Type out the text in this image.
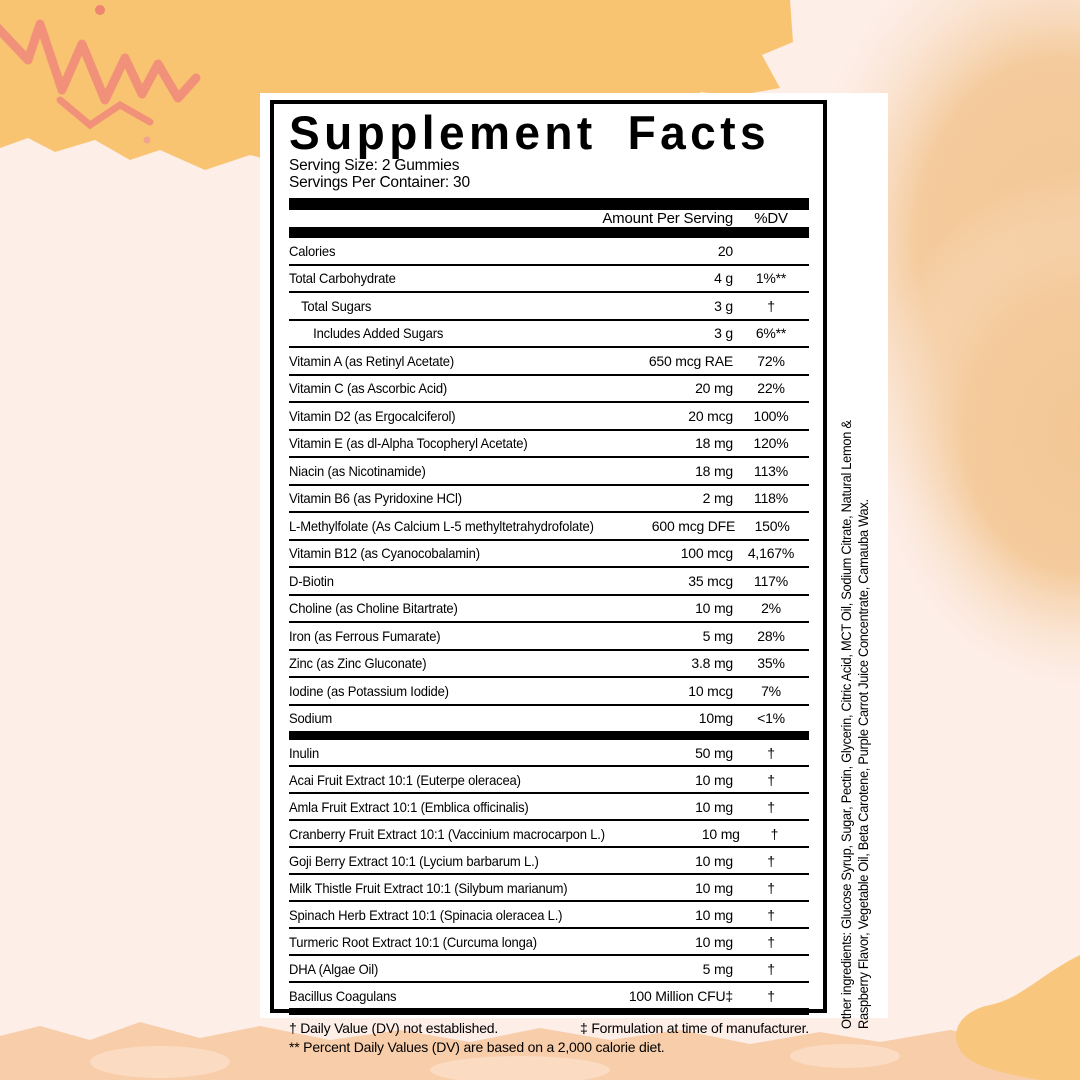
Supplement Facts
Serving Size: 2 Gummies
Servings Per Container: 30
Amount Per Serving	%DV
Calories	20
Total Carbohydrate	4 g	1%**
Total Sugars	3 g	†
Includes Added Sugars	3 g	6%**
Vitamin A (as Retinyl Acetate)	650 mcg RAE	72%
Vitamin C (as Ascorbic Acid)	20 mg	22%
Vitamin D2 (as Ergocalciferol)	20 mcg	100%
Vitamin E (as dl-Alpha Tocopheryl Acetate)	18 mg	120%
Niacin (as Nicotinamide)	18 mg	113%
Vitamin B6 (as Pyridoxine HCl)	2 mg	118%
L-Methylfolate (As Calcium L-5 methyltetrahydrofolate)	600 mcg DFE	150%
Vitamin B12 (as Cyanocobalamin)	100 mcg	4,167%
D-Biotin	35 mcg	117%
Choline (as Choline Bitartrate)	10 mg	2%
Iron (as Ferrous Fumarate)	5 mg	28%
Zinc (as Zinc Gluconate)	3.8 mg	35%
Iodine (as Potassium Iodide)	10 mcg	7%
Sodium	10mg	<1%
Inulin	50 mg	†
Acai Fruit Extract 10:1 (Euterpe oleracea)	10 mg	†
Amla Fruit Extract 10:1 (Emblica officinalis)	10 mg	†
Cranberry Fruit Extract 10:1 (Vaccinium macrocarpon L.)	10 mg	†
Goji Berry Extract 10:1 (Lycium barbarum L.)	10 mg	†
Milk Thistle Fruit Extract 10:1 (Silybum marianum)	10 mg	†
Spinach Herb Extract 10:1 (Spinacia oleracea L.)	10 mg	†
Turmeric Root Extract 10:1 (Curcuma longa)	10 mg	†
DHA (Algae Oil)	5 mg	†
Bacillus Coagulans	100 Million CFU‡	†
† Daily Value (DV) not established.	‡ Formulation at time of manufacturer.
** Percent Daily Values (DV) are based on a 2,000 calorie diet.
Other ingredients: Glucose Syrup, Sugar, Pectin, Glycerin, Citric Acid, MCT Oil, Sodium Citrate, Natural Lemon & Raspberry Flavor, Vegetable Oil, Beta Carotene, Purple Carrot Juice Concentrate, Camauba Wax.
